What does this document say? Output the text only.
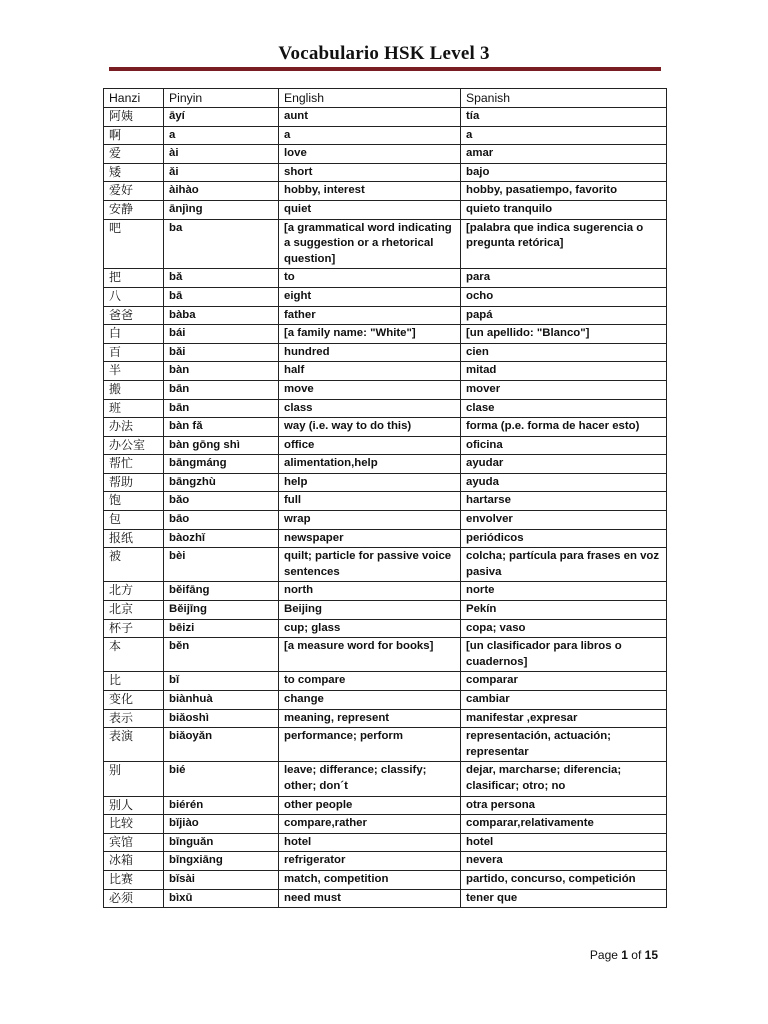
Vocabulario HSK Level 3
Hanzi	Pinyin	English	Spanish
阿姨	āyí	aunt	tía
啊	a	a	a
爱	ài	love	amar
矮	ǎi	short	bajo
爱好	àihào	hobby, interest	hobby, pasatiempo, favorito
安静	ānjìng	quiet	quieto tranquilo
吧	ba	[a grammatical word indicating a suggestion or a rhetorical question]	[palabra que indica sugerencia o pregunta retórica]
把	bǎ	to	para
八	bā	eight	ocho
爸爸	bàba	father	papá
白	bái	[a family name: "White"]	[un apellido: "Blanco"]
百	bǎi	hundred	cien
半	bàn	half	mitad
搬	bān	move	mover
班	bān	class	clase
办法	bàn fǎ	way (i.e. way to do this)	forma (p.e. forma de hacer esto)
办公室	bàn gōng shì	office	oficina
帮忙	bāngmáng	alimentation,help	ayudar
帮助	bāngzhù	help	ayuda
饱	bǎo	full	hartarse
包	bāo	wrap	envolver
报纸	bàozhǐ	newspaper	periódicos
被	bèi	quilt; particle for passive voice sentences	colcha; partícula para frases en voz pasiva
北方	běifāng	north	norte
北京	Běijīng	Beijing	Pekín
杯子	bēizi	cup; glass	copa; vaso
本	běn	[a measure word for books]	[un clasificador para libros o cuadernos]
比	bǐ	to compare	comparar
变化	biànhuà	change	cambiar
表示	biǎoshì	meaning, represent	manifestar ,expresar
表演	biǎoyǎn	performance; perform	representación, actuación; representar
别	bié	leave; differance; classify; other; don´t	dejar, marcharse; diferencia; clasificar; otro; no
别人	biérén	other people	otra persona
比较	bǐjiào	compare,rather	comparar,relativamente
宾馆	bīnguǎn	hotel	hotel
冰箱	bīngxiāng	refrigerator	nevera
比赛	bǐsài	match, competition	partido, concurso, competición
必须	bìxū	need must	tener que
Page 1 of 15
